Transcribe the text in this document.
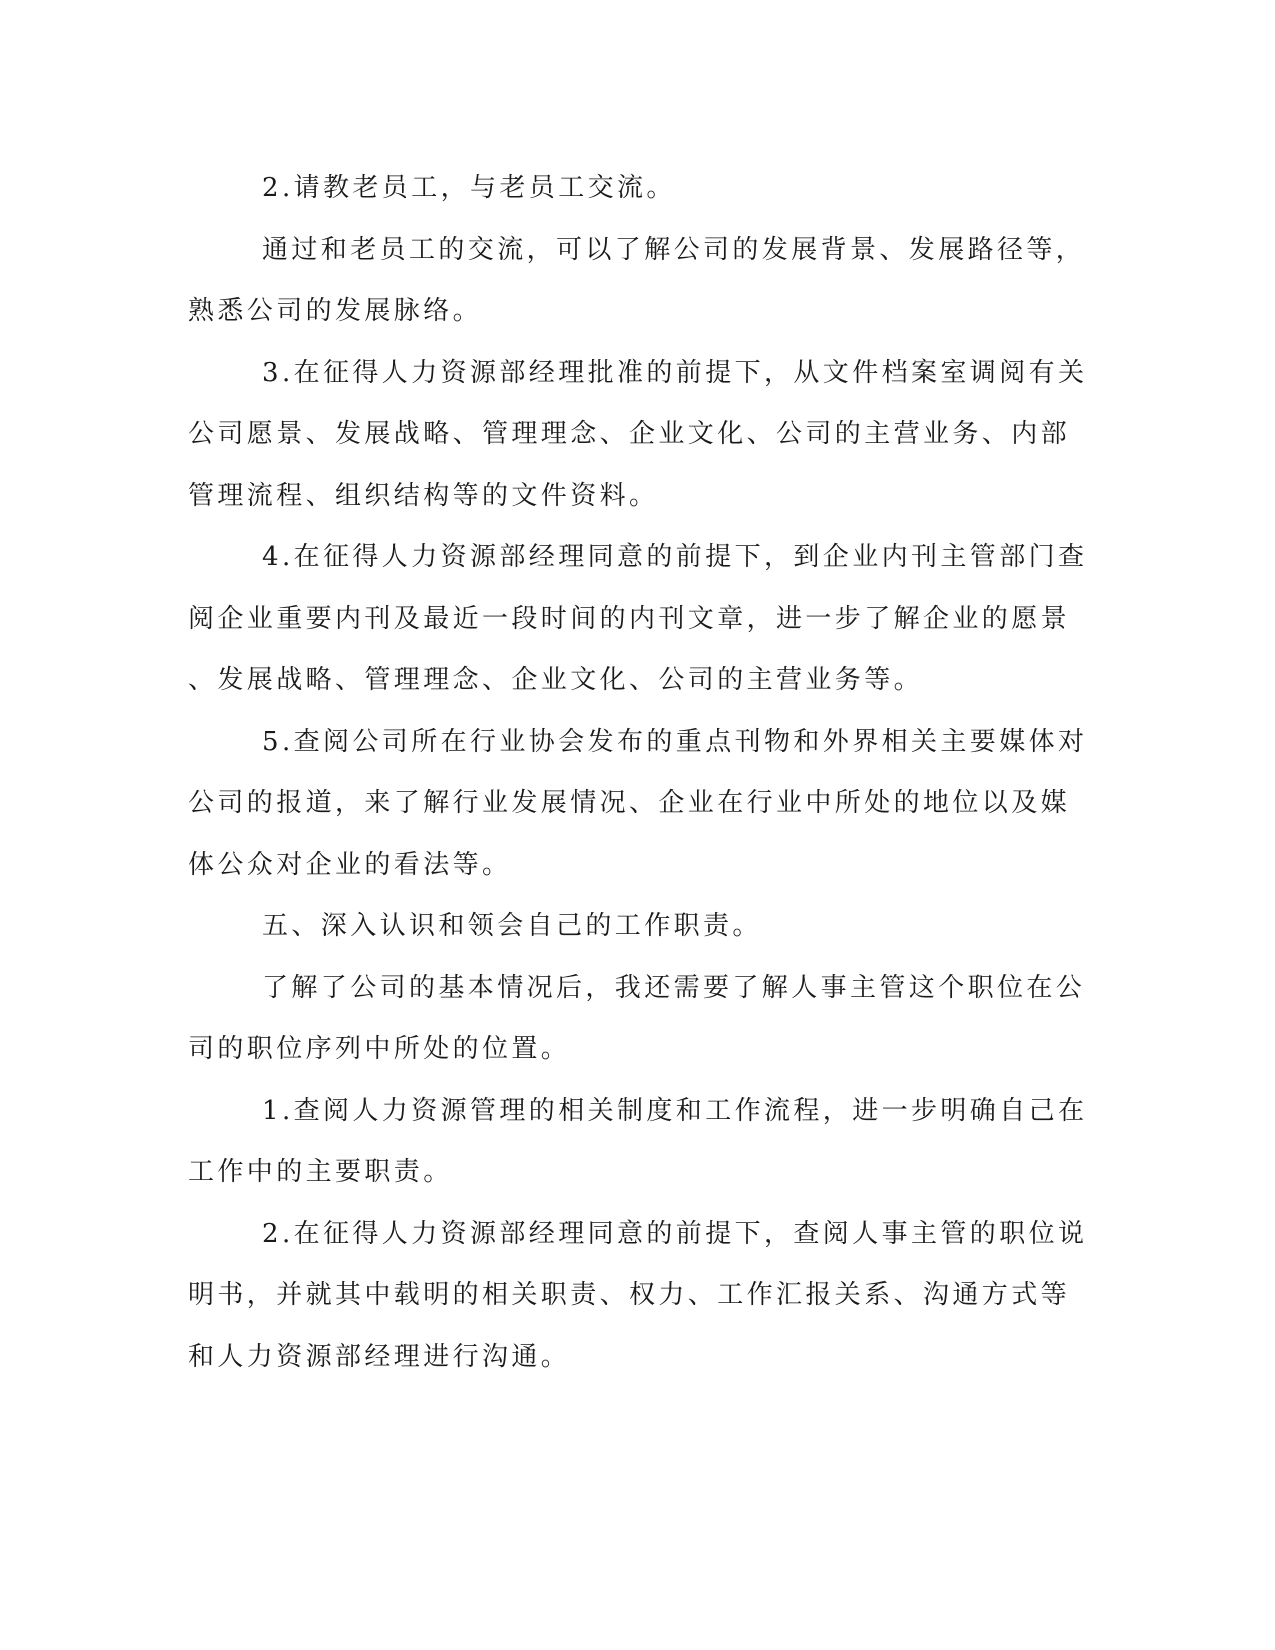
2.请教老员工，与老员工交流。
通过和老员工的交流，可以了解公司的发展背景、发展路径等，
熟悉公司的发展脉络。
3.在征得人力资源部经理批准的前提下，从文件档案室调阅有关
公司愿景、发展战略、管理理念、企业文化、公司的主营业务、内部
管理流程、组织结构等的文件资料。
4.在征得人力资源部经理同意的前提下，到企业内刊主管部门查
阅企业重要内刊及最近一段时间的内刊文章，进一步了解企业的愿景
、发展战略、管理理念、企业文化、公司的主营业务等。
5.查阅公司所在行业协会发布的重点刊物和外界相关主要媒体对
公司的报道，来了解行业发展情况、企业在行业中所处的地位以及媒
体公众对企业的看法等。
五、深入认识和领会自己的工作职责。
了解了公司的基本情况后，我还需要了解人事主管这个职位在公
司的职位序列中所处的位置。
1.查阅人力资源管理的相关制度和工作流程，进一步明确自己在
工作中的主要职责。
2.在征得人力资源部经理同意的前提下，查阅人事主管的职位说
明书，并就其中载明的相关职责、权力、工作汇报关系、沟通方式等
和人力资源部经理进行沟通。
